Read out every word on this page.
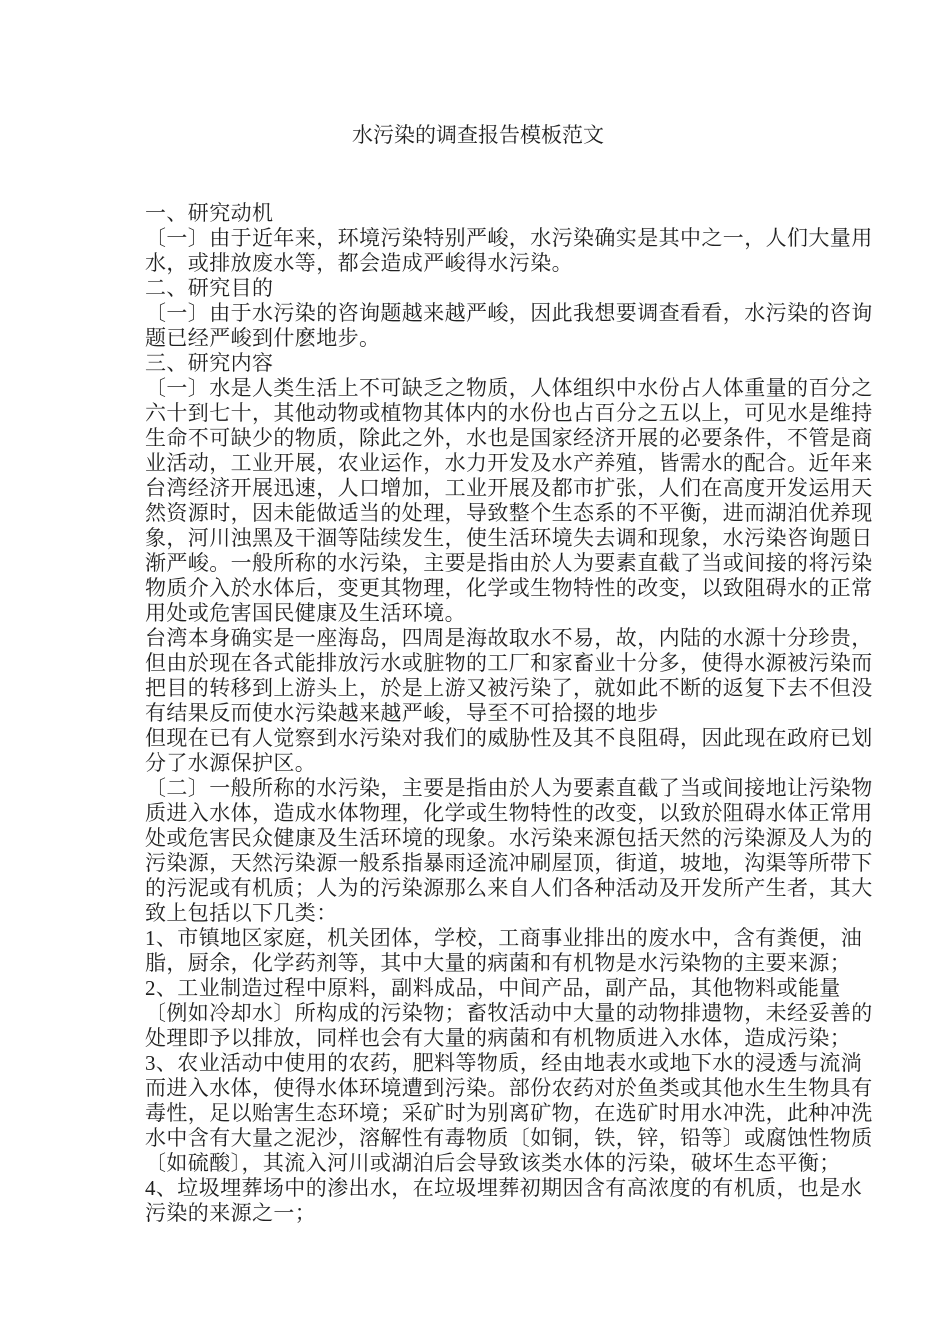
水污染的调查报告模板范文
一、研究动机
〔一〕由于近年来，环境污染特别严峻，水污染确实是其中之一，人们大量用
水，或排放废水等，都会造成严峻得水污染。
二、研究目的
〔一〕由于水污染的咨询题越来越严峻，因此我想要调查看看，水污染的咨询
题已经严峻到什麽地步。
三、研究内容
〔一〕水是人类生活上不可缺乏之物质，人体组织中水份占人体重量的百分之
六十到七十，其他动物或植物其体内的水份也占百分之五以上，可见水是维持
生命不可缺少的物质，除此之外，水也是国家经济开展的必要条件，不管是商
业活动，工业开展，农业运作，水力开发及水产养殖，皆需水的配合。近年来
台湾经济开展迅速，人口增加，工业开展及都市扩张，人们在高度开发运用天
然资源时，因未能做适当的处理，导致整个生态系的不平衡，进而湖泊优养现
象，河川浊黑及干涸等陆续发生，使生活环境失去调和现象，水污染咨询题日
渐严峻。一般所称的水污染，主要是指由於人为要素直截了当或间接的将污染
物质介入於水体后，变更其物理，化学或生物特性的改变，以致阻碍水的正常
用处或危害国民健康及生活环境。
台湾本身确实是一座海岛，四周是海故取水不易，故，内陆的水源十分珍贵，
但由於现在各式能排放污水或脏物的工厂和家畜业十分多，使得水源被污染而
把目的转移到上游头上，於是上游又被污染了，就如此不断的返复下去不但没
有结果反而使水污染越来越严峻，导至不可拾掇的地步
但现在已有人觉察到水污染对我们的威胁性及其不良阻碍，因此现在政府已划
分了水源保护区。
〔二〕一般所称的水污染，主要是指由於人为要素直截了当或间接地让污染物
质进入水体，造成水体物理，化学或生物特性的改变，以致於阻碍水体正常用
处或危害民众健康及生活环境的现象。水污染来源包括天然的污染源及人为的
污染源，天然污染源一般系指暴雨迳流冲刷屋顶，街道，坡地，沟渠等所带下
的污泥或有机质；人为的污染源那么来自人们各种活动及开发所产生者，其大
致上包括以下几类：
1、市镇地区家庭，机关团体，学校，工商事业排出的废水中，含有粪便，油
脂，厨余，化学药剂等，其中大量的病菌和有机物是水污染物的主要来源；
2、工业制造过程中原料，副料成品，中间产品，副产品，其他物料或能量
〔例如冷却水〕所构成的污染物；畜牧活动中大量的动物排遗物，未经妥善的
处理即予以排放，同样也会有大量的病菌和有机物质进入水体，造成污染；
3、农业活动中使用的农药，肥料等物质，经由地表水或地下水的浸透与流淌
而进入水体，使得水体环境遭到污染。部份农药对於鱼类或其他水生生物具有
毒性，足以贻害生态环境；采矿时为别离矿物，在选矿时用水冲洗，此种冲洗
水中含有大量之泥沙，溶解性有毒物质〔如铜，铁，锌，铅等〕或腐蚀性物质
〔如硫酸〕，其流入河川或湖泊后会导致该类水体的污染，破坏生态平衡；
4、垃圾埋葬场中的渗出水，在垃圾埋葬初期因含有高浓度的有机质，也是水
污染的来源之一；
